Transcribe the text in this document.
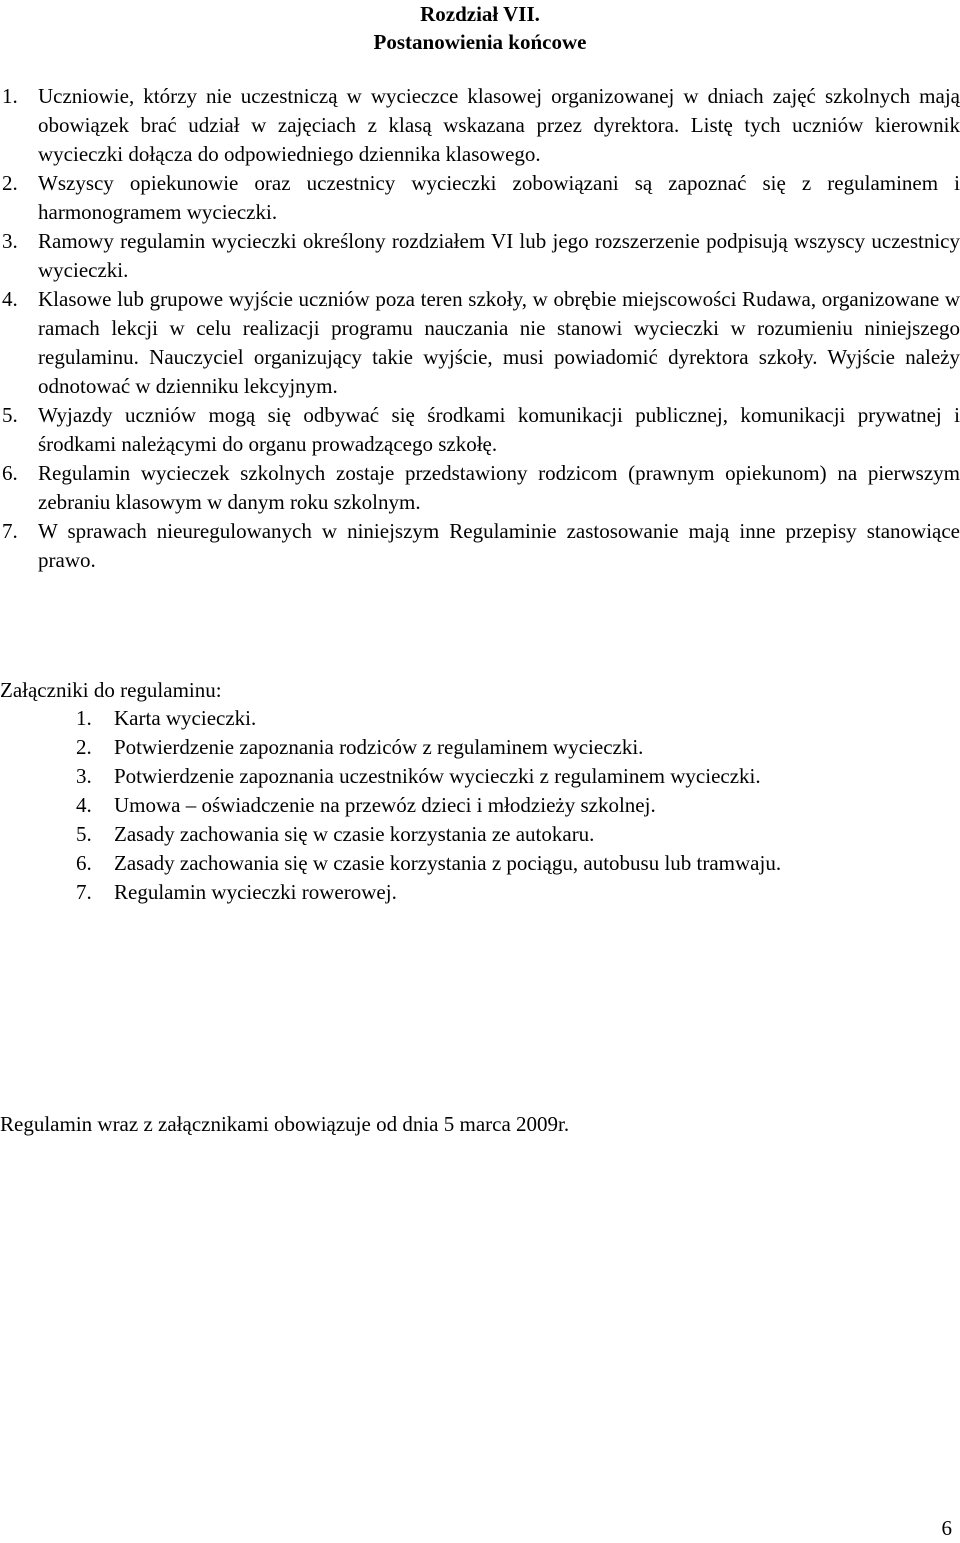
Rozdział VII.
Postanowienia końcowe

1. Uczniowie, którzy nie uczestniczą w wycieczce klasowej organizowanej w dniach zajęć szkolnych mają obowiązek brać udział w zajęciach z klasą wskazana przez dyrektora. Listę tych uczniów kierownik wycieczki dołącza do odpowiedniego dziennika klasowego.

2. Wszyscy opiekunowie oraz uczestnicy wycieczki zobowiązani są zapoznać się z regulaminem i harmonogramem wycieczki.

3. Ramowy regulamin wycieczki określony rozdziałem VI lub jego rozszerzenie podpisują wszyscy uczestnicy wycieczki.

4. Klasowe lub grupowe wyjście uczniów poza teren szkoły, w obrębie miejscowości Rudawa, organizowane w ramach lekcji w celu realizacji programu nauczania nie stanowi wycieczki w rozumieniu niniejszego regulaminu. Nauczyciel organizujący takie wyjście, musi powiadomić dyrektora szkoły. Wyjście należy odnotować w dzienniku lekcyjnym.

5. Wyjazdy uczniów mogą się odbywać się środkami komunikacji publicznej, komunikacji prywatnej i środkami należącymi do organu prowadzącego szkołę.

6. Regulamin wycieczek szkolnych zostaje przedstawiony rodzicom (prawnym opiekunom) na pierwszym zebraniu klasowym w danym roku szkolnym.

7. W sprawach nieuregulowanych w niniejszym Regulaminie zastosowanie mają inne przepisy stanowiące prawo.

Załączniki do regulaminu:
1. Karta wycieczki.
2. Potwierdzenie zapoznania rodziców z regulaminem wycieczki.
3. Potwierdzenie zapoznania uczestników wycieczki z regulaminem wycieczki.
4. Umowa – oświadczenie na przewóz dzieci i młodzieży szkolnej.
5. Zasady zachowania się w czasie korzystania ze autokaru.
6. Zasady zachowania się w czasie korzystania z pociągu, autobusu lub tramwaju.
7. Regulamin wycieczki rowerowej.
Regulamin wraz z załącznikami obowiązuje od dnia 5 marca 2009r.
6
